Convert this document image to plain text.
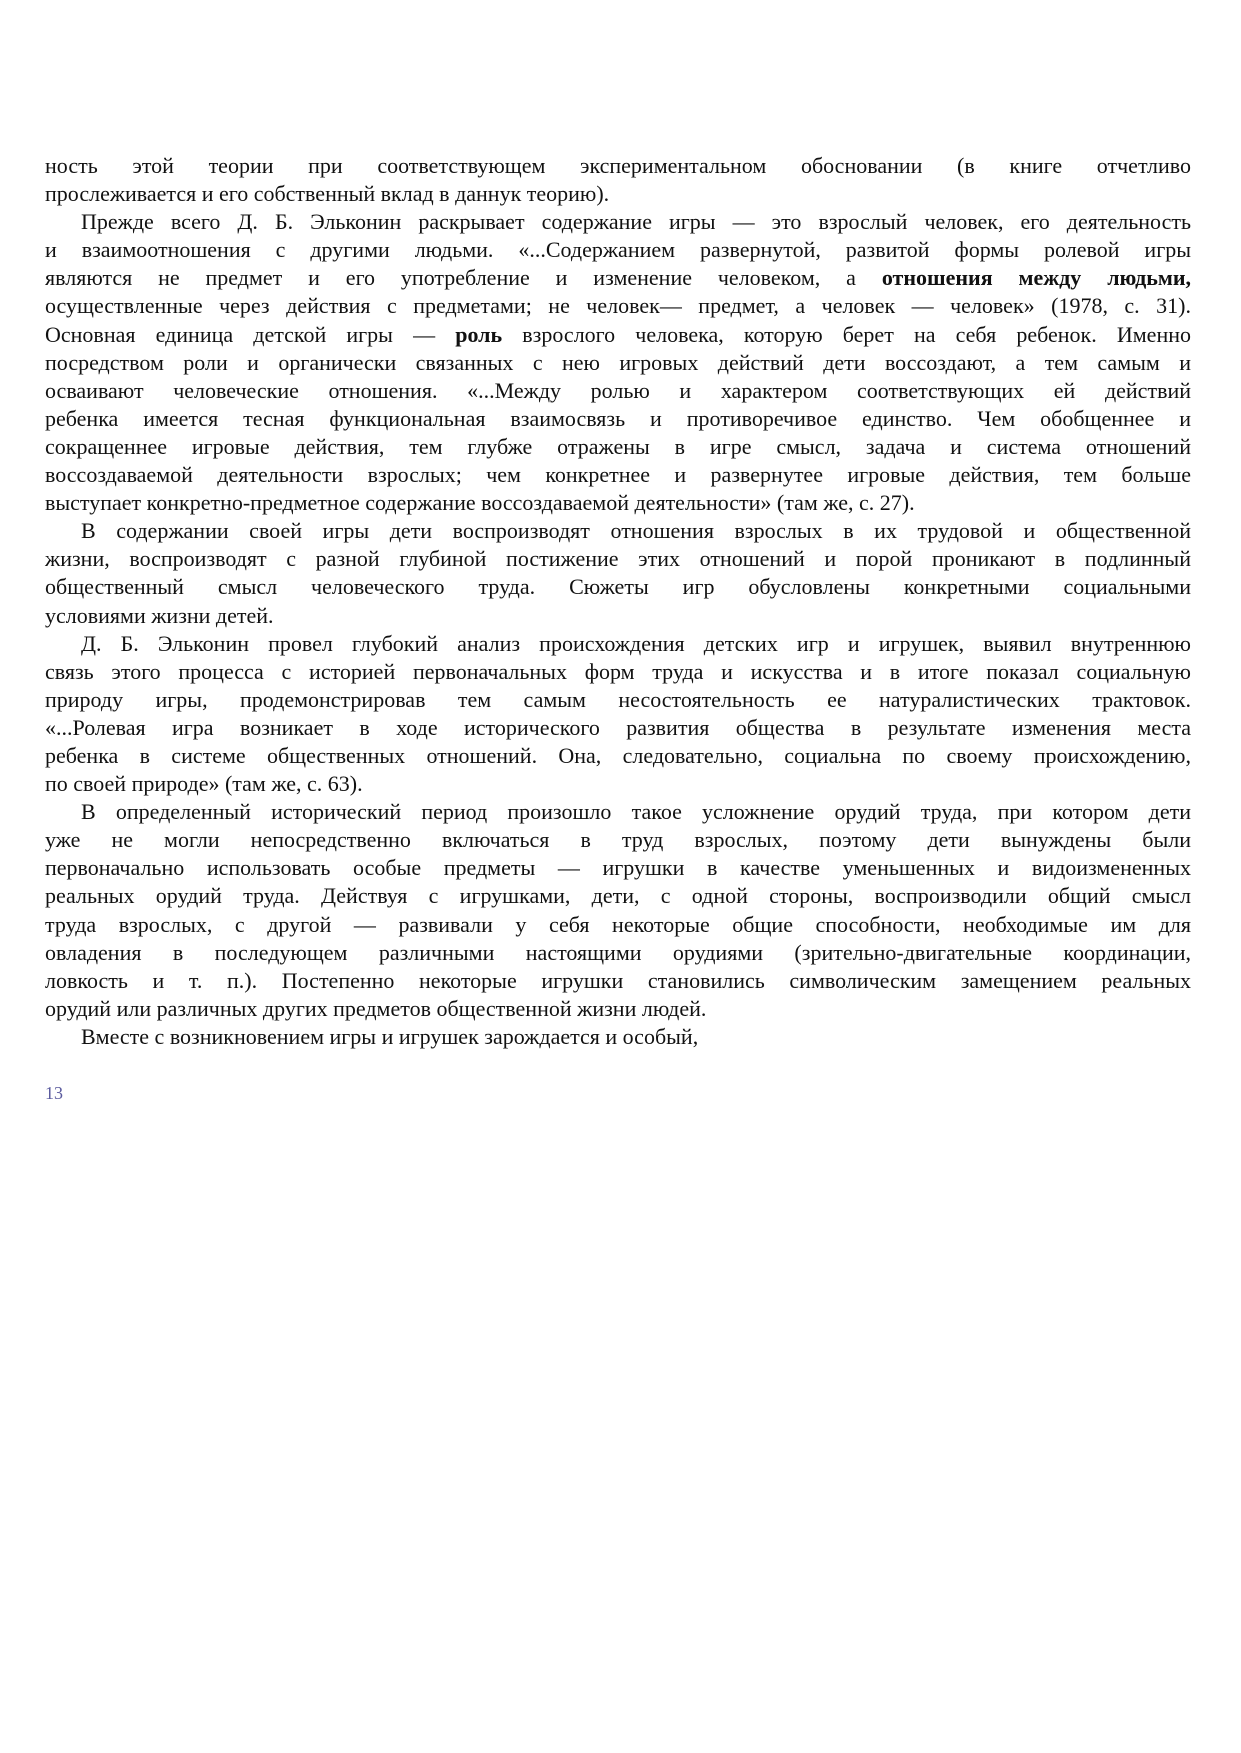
ность этой теории при соответствующем экспериментальном обосновании (в книге отчетливо
прослеживается и его собственный вклад в даннук теорию).
Прежде всего Д. Б. Эльконин раскрывает содержание игры — это взрослый человек, его деятельность
и взаимоотношения с другими людьми. «...Содержанием развернутой, развитой формы ролевой игры
являются не предмет и его употребление и изменение человеком, а отношения между людьми,
осуществленные через действия с предметами; не человек— предмет, а человек — человек» (1978, с. 31).
Основная единица детской игры — роль взрослого человека, которую берет на себя ребенок. Именно
посредством роли и органически связанных с нею игровых действий дети воссоздают, а тем самым и
осваивают человеческие отношения. «...Между ролью и характером соответствующих ей действий
ребенка имеется тесная функциональная взаимосвязь и противоречивое единство. Чем обобщеннее и
сокращеннее игровые действия, тем глубже отражены в игре смысл, задача и система отношений
воссоздаваемой деятельности взрослых; чем конкретнее и развернутее игровые действия, тем больше
выступает конкретно-предметное содержание воссоздаваемой деятельности» (там же, с. 27).
В содержании своей игры дети воспроизводят отношения взрослых в их трудовой и общественной
жизни, воспроизводят с разной глубиной постижение этих отношений и порой проникают в подлинный
общественный смысл человеческого труда. Сюжеты игр обусловлены конкретными социальными
условиями жизни детей.
Д. Б. Эльконин провел глубокий анализ происхождения детских игр и игрушек, выявил внутреннюю
связь этого процесса с историей первоначальных форм труда и искусства и в итоге показал социальную
природу игры, продемонстрировав тем самым несостоятельность ее натуралистических трактовок.
«...Ролевая игра возникает в ходе исторического развития общества в результате изменения места
ребенка в системе общественных отношений. Она, следовательно, социальна по своему происхождению,
по своей природе» (там же, с. 63).
В определенный исторический период произошло такое усложнение орудий труда, при котором дети
уже не могли непосредственно включаться в труд взрослых, поэтому дети вынуждены были
первоначально использовать особые предметы — игрушки в качестве уменьшенных и видоизмененных
реальных орудий труда. Действуя с игрушками, дети, с одной стороны, воспроизводили общий смысл
труда взрослых, с другой — развивали у себя некоторые общие способности, необходимые им для
овладения в последующем различными настоящими орудиями (зрительно-двигательные координации,
ловкость и т. п.). Постепенно некоторые игрушки становились символическим замещением реальных
орудий или различных других предметов общественной жизни людей.
Вместе с возникновением игры и игрушек зарождается и особый,
13
